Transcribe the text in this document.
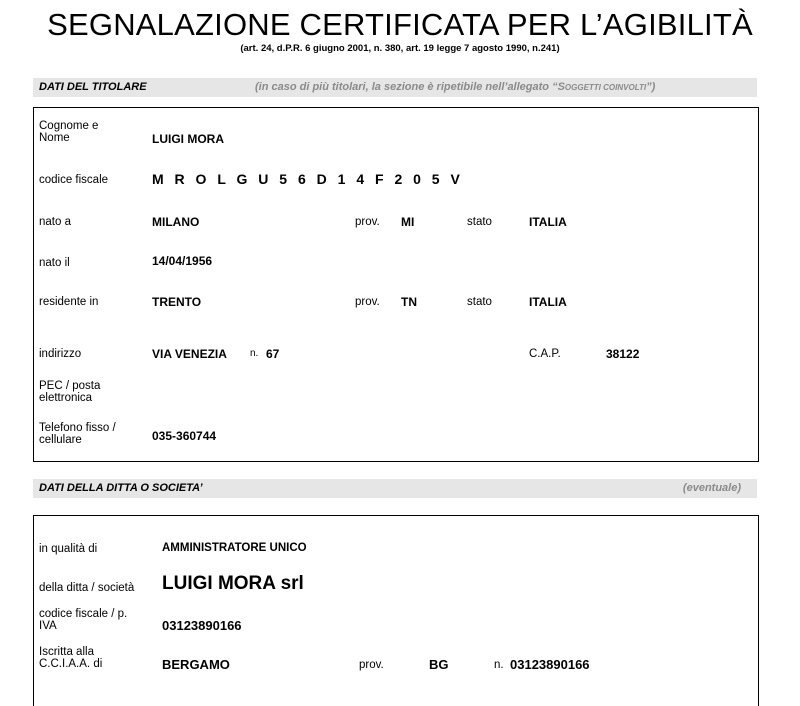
SEGNALAZIONE CERTIFICATA PER L’AGIBILITÀ
(art. 24, d.P.R. 6 giugno 2001, n. 380, art. 19 legge 7 agosto 1990, n.241)
DATI DEL TITOLARE	(in caso di più titolari, la sezione è ripetibile nell’allegato “SOGGETTI COINVOLTI”)
Cognome e Nome	LUIGI MORA
codice fiscale	M R O L G U 5 6 D 1 4 F 2 0 5 V
nato a	MILANO	prov. MI	stato	ITALIA
nato il	14/04/1956
residente in	TRENTO	prov. TN	stato	ITALIA
indirizzo	VIA VENEZIA n. 67	C.A.P.	38122
PEC / posta elettronica
Telefono fisso / cellulare	035-360744
DATI DELLA DITTA O SOCIETA’	(eventuale)
in qualità di	AMMINISTRATORE UNICO
della ditta / società LUIGI MORA srl
codice fiscale / p. IVA	03123890166
Iscritta alla C.C.I.A.A. di	BERGAMO	prov.	BG	n. 03123890166
